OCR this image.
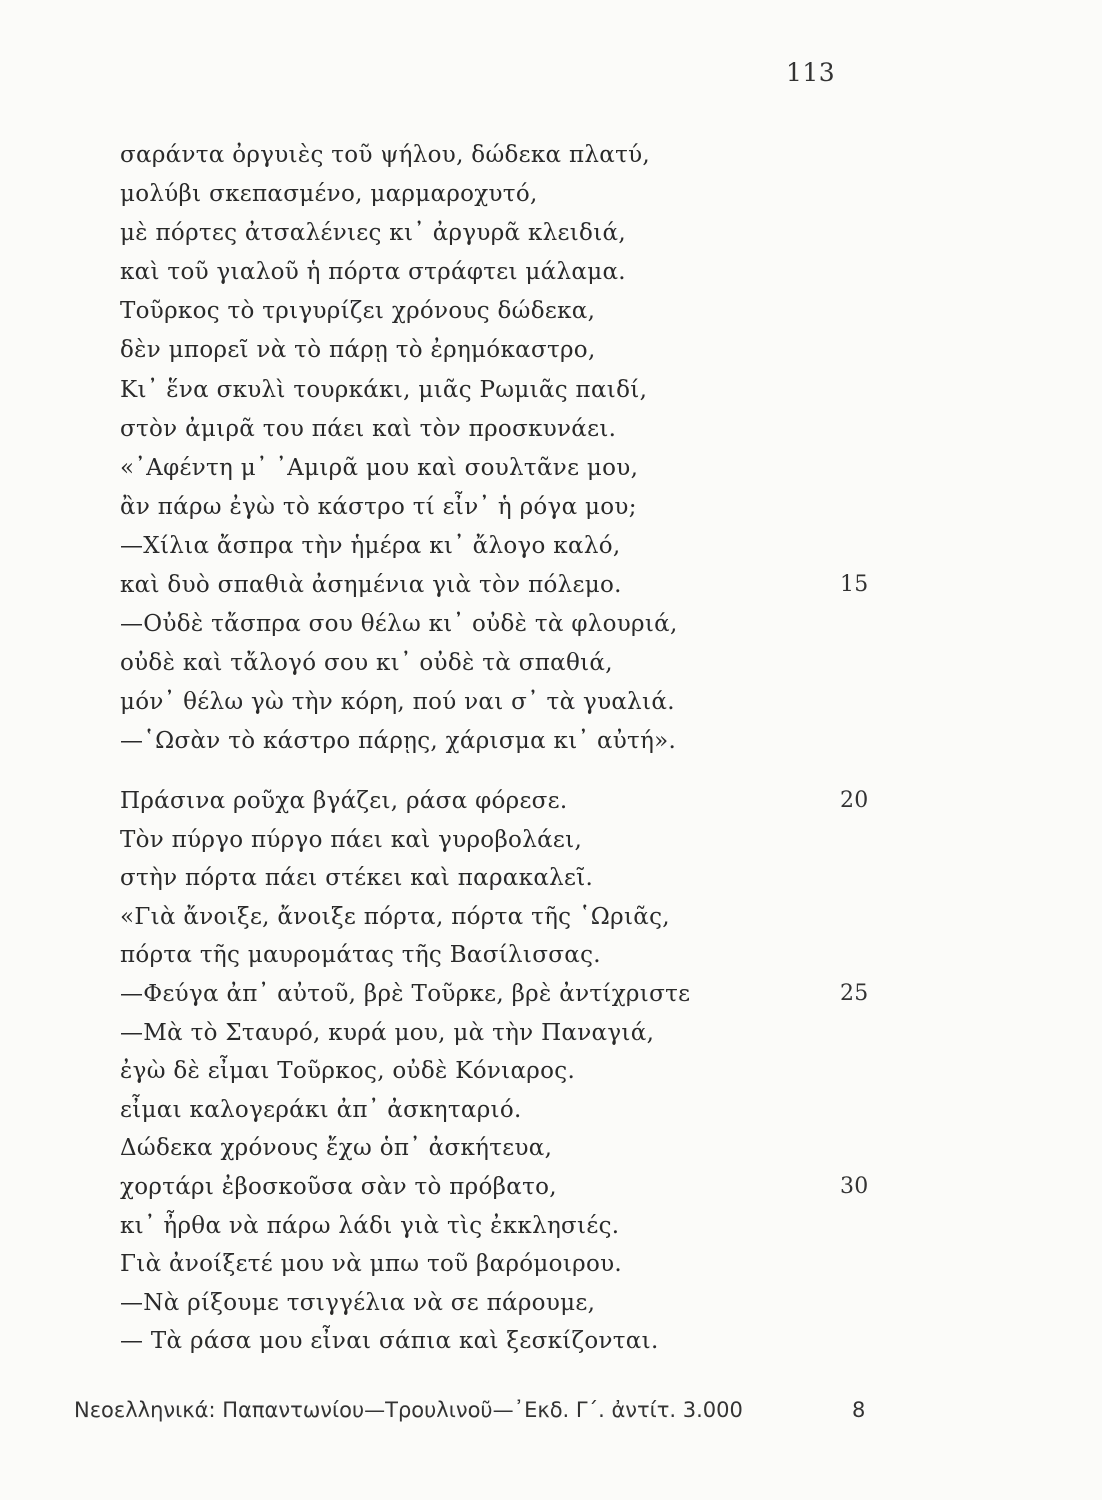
113
σαράντα ὀργυιὲς τοῦ ψήλου, δώδεκα πλατύ,
μολύβι σκεπασμένο, μαρμαροχυτό,
μὲ πόρτες ἀτσαλένιες κι᾽ ἀργυρᾶ κλειδιά,
καὶ τοῦ γιαλοῦ ἡ πόρτα στράφτει μάλαμα.
Τοῦρκος τὸ τριγυρίζει χρόνους δώδεκα,
δὲν μπορεῖ νὰ τὸ πάρῃ τὸ ἐρημόκαστρο,
Κι᾽ ἕνα σκυλὶ τουρκάκι, μιᾶς Ρωμιᾶς παιδί,
στὸν ἀμιρᾶ του πάει καὶ τὸν προσκυνάει.
«᾽Αφέντη μ᾽ ᾽Αμιρᾶ μου καὶ σουλτᾶνε μου,
ἂν πάρω ἐγὼ τὸ κάστρο τί εἶν᾽ ἡ ρόγα μου;
—Χίλια ἄσπρα τὴν ἡμέρα κι᾽ ἄλογο καλό,
καὶ δυὸ σπαθιὰ ἀσημένια γιὰ τὸν πόλεμο.	15
—Οὐδὲ τἄσπρα σου θέλω κι᾽ οὐδὲ τὰ φλουριά,
οὐδὲ καὶ τἄλογό σου κι᾽ οὐδὲ τὰ σπαθιά,
μόν᾽ θέλω γὼ τὴν κόρη, πού ναι σ᾽ τὰ γυαλιά.
—῾Ωσὰν τὸ κάστρο πάρῃς, χάρισμα κι᾽ αὐτή».
Πράσινα ροῦχα βγάζει, ράσα φόρεσε.	20
Τὸν πύργο πύργο πάει καὶ γυροβολάει,
στὴν πόρτα πάει στέκει καὶ παρακαλεῖ.
«Γιὰ ἄνοιξε, ἄνοιξε πόρτα, πόρτα τῆς ῾Ωριᾶς,
πόρτα τῆς μαυρομάτας τῆς Βασίλισσας.
—Φεύγα ἀπ᾽ αὐτοῦ, βρὲ Τοῦρκε, βρὲ ἀντίχριστε	25
—Μὰ τὸ Σταυρό, κυρά μου, μὰ τὴν Παναγιά,
ἐγὼ δὲ εἶμαι Τοῦρκος, οὐδὲ Κόνιαρος.
εἶμαι καλογεράκι ἀπ᾽ ἀσκηταριό.
Δώδεκα χρόνους ἔχω ὁπ᾽ ἀσκήτευα,
χορτάρι ἐβοσκοῦσα σὰν τὸ πρόβατο,	30
κι᾽ ἦρθα νὰ πάρω λάδι γιὰ τὶς ἐκκλησιές.
Γιὰ ἀνοίξετέ μου νὰ μπω τοῦ βαρόμοιρου.
—Νὰ ρίξουμε τσιγγέλια νὰ σε πάρουμε,
— Τὰ ράσα μου εἶναι σάπια καὶ ξεσκίζονται.
Νεοελληνικά: Παπαντωνίου—Τρουλινοῦ—᾽Εκδ. Γ΄. ἀντίτ. 3.000	8
